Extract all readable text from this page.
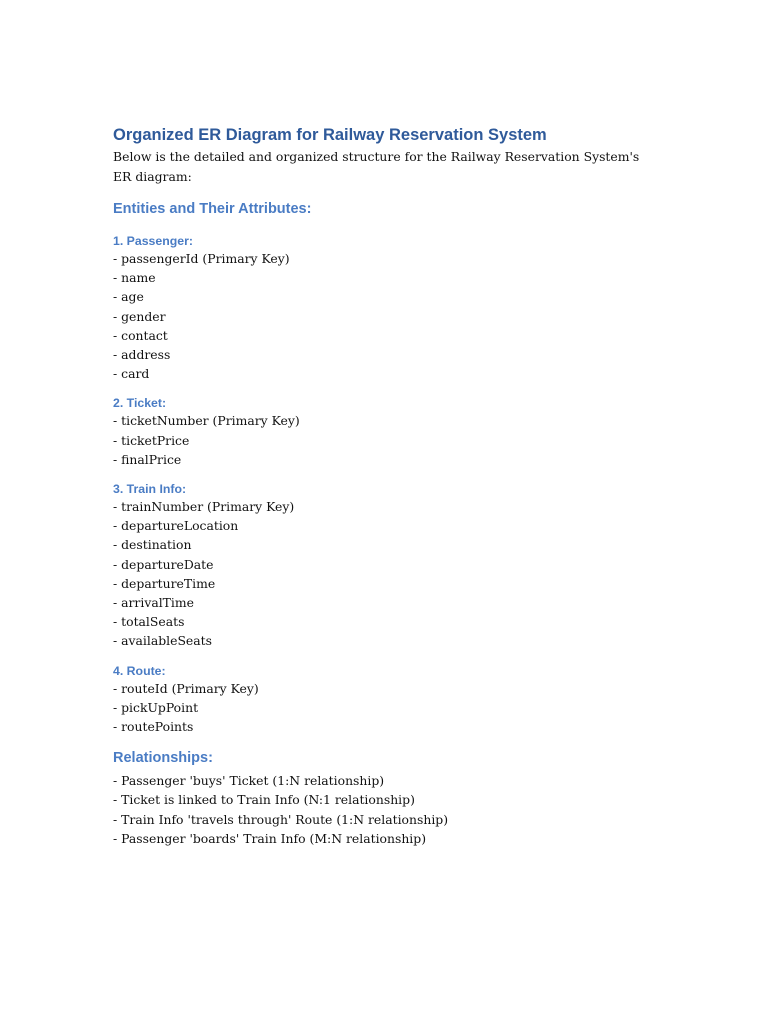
Organized ER Diagram for Railway Reservation System

Below is the detailed and organized structure for the Railway Reservation System's ER diagram:

Entities and Their Attributes:
1. Passenger:
- passengerId (Primary Key)
- name
- age
- gender
- contact
- address
- card
2. Ticket:
- ticketNumber (Primary Key)
- ticketPrice
- finalPrice
3. Train Info:
- trainNumber (Primary Key)
- departureLocation
- destination
- departureDate
- departureTime
- arrivalTime
- totalSeats
- availableSeats
4. Route:
- routeId (Primary Key)
- pickUpPoint
- routePoints
Relationships:
- Passenger 'buys' Ticket (1:N relationship)
- Ticket is linked to Train Info (N:1 relationship)
- Train Info 'travels through' Route (1:N relationship)
- Passenger 'boards' Train Info (M:N relationship)
